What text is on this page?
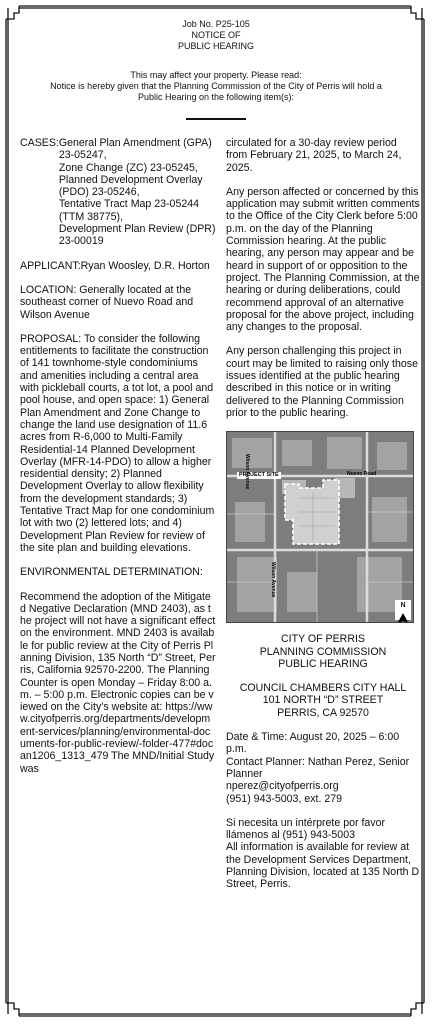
Job No. P25-105
NOTICE OF
PUBLIC HEARING
This may affect your property. Please read:
Notice is hereby given that the Planning Commission of the City of Perris will hold a
Public Hearing on the following item(s):
CASES: General Plan Amendment (GPA) 23-05247,
Zone Change (ZC) 23-05245,
Planned Development Overlay (PDO) 23-05246,
Tentative Tract Map 23-05244 (TTM 38775),
Development Plan Review (DPR) 23-00019
APPLICANT: Ryan Woosley, D.R. Horton

LOCATION: Generally located at the southeast corner of Nuevo Road and Wilson Avenue

PROPOSAL: To consider the following entitlements to facilitate the construction of 141 townhome-style condominiums and amenities including a central area with pickleball courts, a tot lot, a pool and pool house, and open space: 1) General Plan Amendment and Zone Change to change the land use designation of 11.6 acres from R-6,000 to Multi-Family Residential-14 Planned Development Overlay (MFR-14-PDO) to allow a higher residential density; 2) Planned Development Overlay to allow flexibility from the development standards; 3) Tentative Tract Map for one condominium lot with two (2) lettered lots; and 4) Development Plan Review for review of the site plan and building elevations.

ENVIRONMENTAL DETERMINATION:

Recommend the adoption of the Mitigated Negative Declaration (MND 2403), as the project will not have a significant effect on the environment. MND 2403 is available for public review at the City of Perris Planning Division, 135 North “D” Street, Perris, California 92570-2200. The Planning Counter is open Monday – Friday 8:00 a.m. – 5:00 p.m. Electronic copies can be viewed on the City’s website at: https://www.cityofperris.org/departments/development-services/planning/environmental-documents-for-public-review/-folder-477#docan1206_1313_479 The MND/Initial Study was

circulated for a 30-day review period from February 21, 2025, to March 24, 2025.

Any person affected or concerned by this application may submit written comments to the Office of the City Clerk before 5:00 p.m. on the day of the Planning Commission hearing. At the public hearing, any person may appear and be heard in support of or opposition to the project. The Planning Commission, at the hearing or during deliberations, could recommend approval of an alternative proposal for the above project, including any changes to the proposal.

Any person challenging this project in court may be limited to raising only those issues identified at the public hearing described in this notice or in writing delivered to the Planning Commission prior to the public hearing.

PROJECT SITE	Nuevo Road
Wilson Avenue
Wilson Avenue
N

CITY OF PERRIS

PLANNING COMMISSION

PUBLIC HEARING

COUNCIL CHAMBERS CITY HALL

101 NORTH “D” STREET

PERRIS, CA 92570

Date & Time: August 20, 2025 – 6:00 p.m.
Contact Planner: Nathan Perez, Senior Planner
nperez@cityofperris.org
(951) 943-5003, ext. 279
Si necesita un intérprete por favor
llámenos al (951) 943-5003
All information is available for review at the Development Services Department, Planning Division, located at 135 North D Street, Perris.
